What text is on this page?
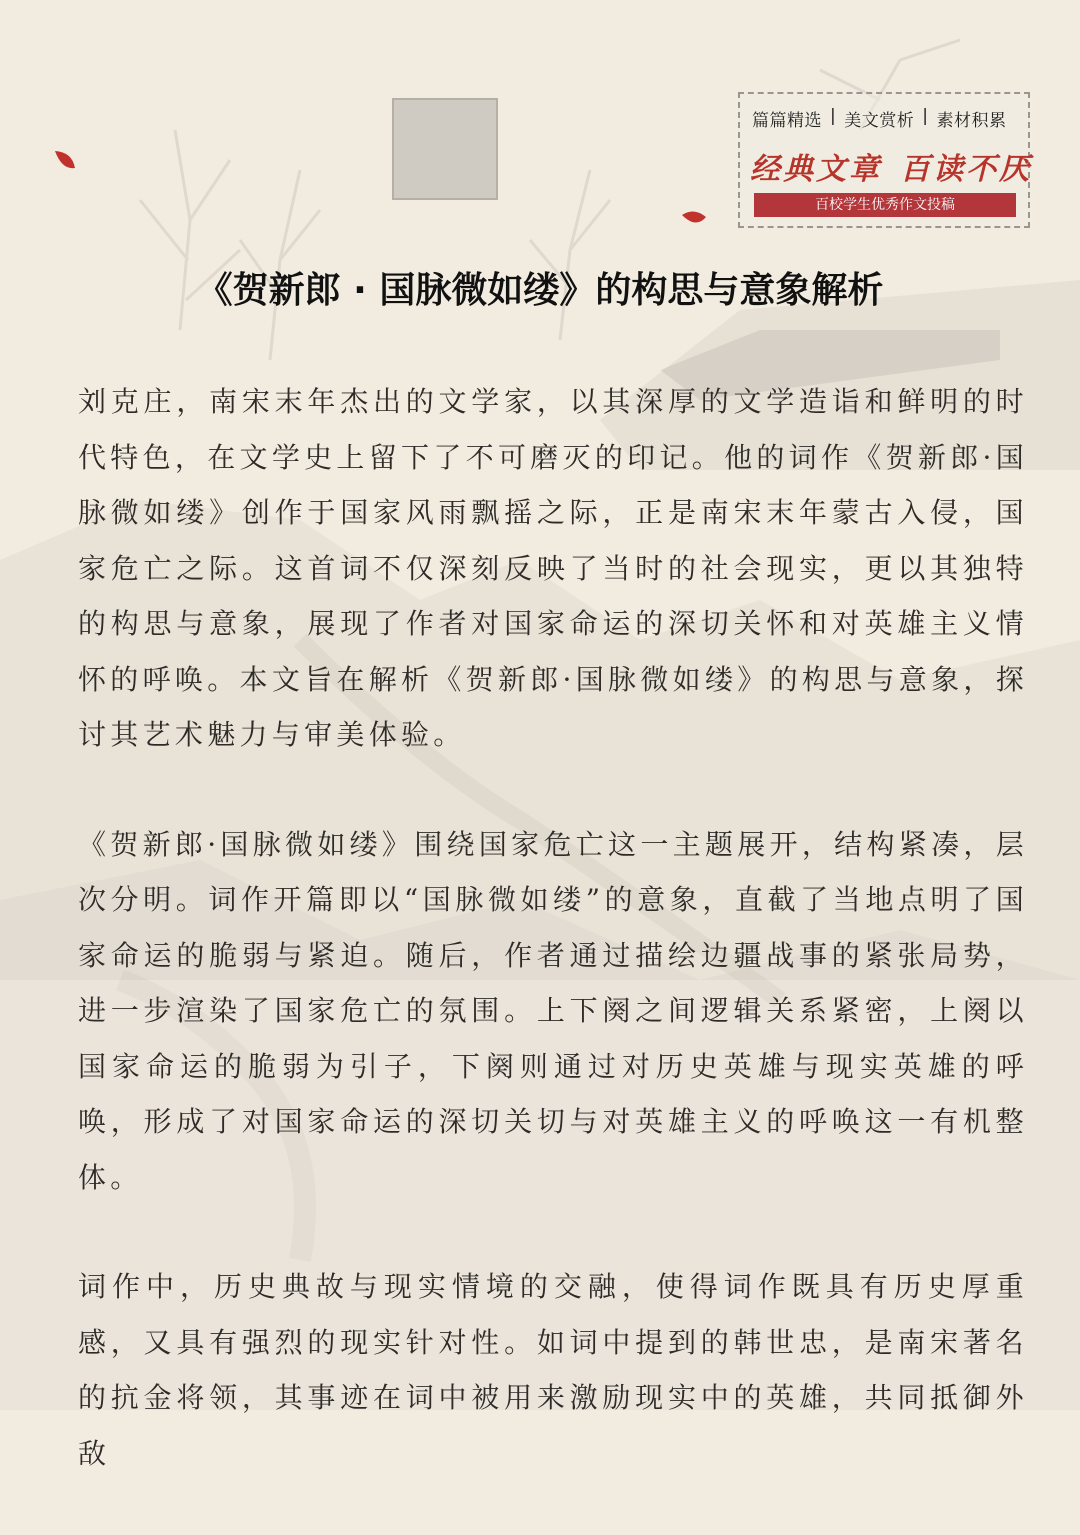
篇篇精选 | 美文赏析 | 素材积累
经典文章 百读不厌
百校学生优秀作文投稿
《贺新郎 · 国脉微如缕》的构思与意象解析

刘克庄，南宋末年杰出的文学家，以其深厚的文学造诣和鲜明的时代特色，在文学史上留下了不可磨灭的印记。他的词作《贺新郎·国脉微如缕》创作于国家风雨飘摇之际，正是南宋末年蒙古入侵，国家危亡之际。这首词不仅深刻反映了当时的社会现实，更以其独特的构思与意象，展现了作者对国家命运的深切关怀和对英雄主义情怀的呼唤。本文旨在解析《贺新郎·国脉微如缕》的构思与意象，探讨其艺术魅力与审美体验。

《贺新郎·国脉微如缕》围绕国家危亡这一主题展开，结构紧凑，层次分明。词作开篇即以“国脉微如缕”的意象，直截了当地点明了国家命运的脆弱与紧迫。随后，作者通过描绘边疆战事的紧张局势，进一步渲染了国家危亡的氛围。上下阕之间逻辑关系紧密，上阕以国家命运的脆弱为引子，下阕则通过对历史英雄与现实英雄的呼唤，形成了对国家命运的深切关切与对英雄主义的呼唤这一有机整体。

词作中，历史典故与现实情境的交融，使得词作既具有历史厚重感，又具有强烈的现实针对性。如词中提到的韩世忠，是南宋著名的抗金将领，其事迹在词中被用来激励现实中的英雄，共同抵御外敌
